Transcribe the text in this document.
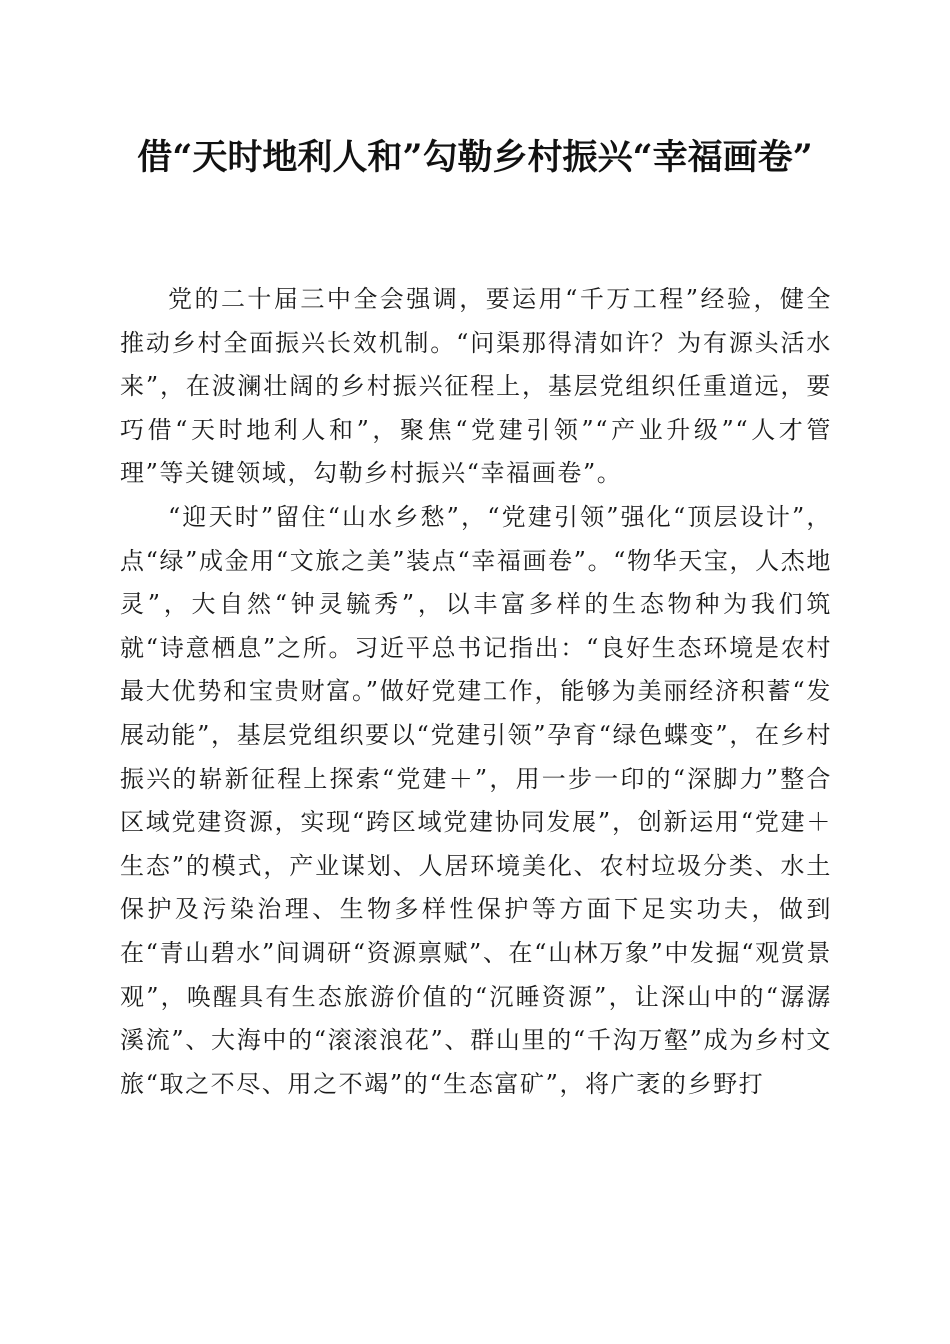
借“天时地利人和”勾勒乡村振兴“幸福画卷”

党的二十届三中全会强调，要运用“千万工程”经验，健全推动乡村全面振兴长效机制。“问渠那得清如许？为有源头活水来”，在波澜壮阔的乡村振兴征程上，基层党组织任重道远，要巧借“天时地利人和”，聚焦“党建引领”“产业升级”“人才管理”等关键领域，勾勒乡村振兴“幸福画卷”。

“迎天时”留住“山水乡愁”，“党建引领”强化“顶层设计”，点“绿”成金用“文旅之美”装点“幸福画卷”。“物华天宝，人杰地灵”，大自然“钟灵毓秀”，以丰富多样的生态物种为我们筑就“诗意栖息”之所。习近平总书记指出：“良好生态环境是农村最大优势和宝贵财富。”做好党建工作，能够为美丽经济积蓄“发展动能”，基层党组织要以“党建引领”孕育“绿色蝶变”，在乡村振兴的崭新征程上探索“党建＋”，用一步一印的“深脚力”整合区域党建资源，实现“跨区域党建协同发展”，创新运用“党建＋生态”的模式，产业谋划、人居环境美化、农村垃圾分类、水土保护及污染治理、生物多样性保护等方面下足实功夫，做到在“青山碧水”间调研“资源禀赋”、在“山林万象”中发掘“观赏景观”，唤醒具有生态旅游价值的“沉睡资源”，让深山中的“潺潺溪流”、大海中的“滚滚浪花”、群山里的“千沟万壑”成为乡村文旅“取之不尽、用之不竭”的“生态富矿”，将广袤的乡野打
